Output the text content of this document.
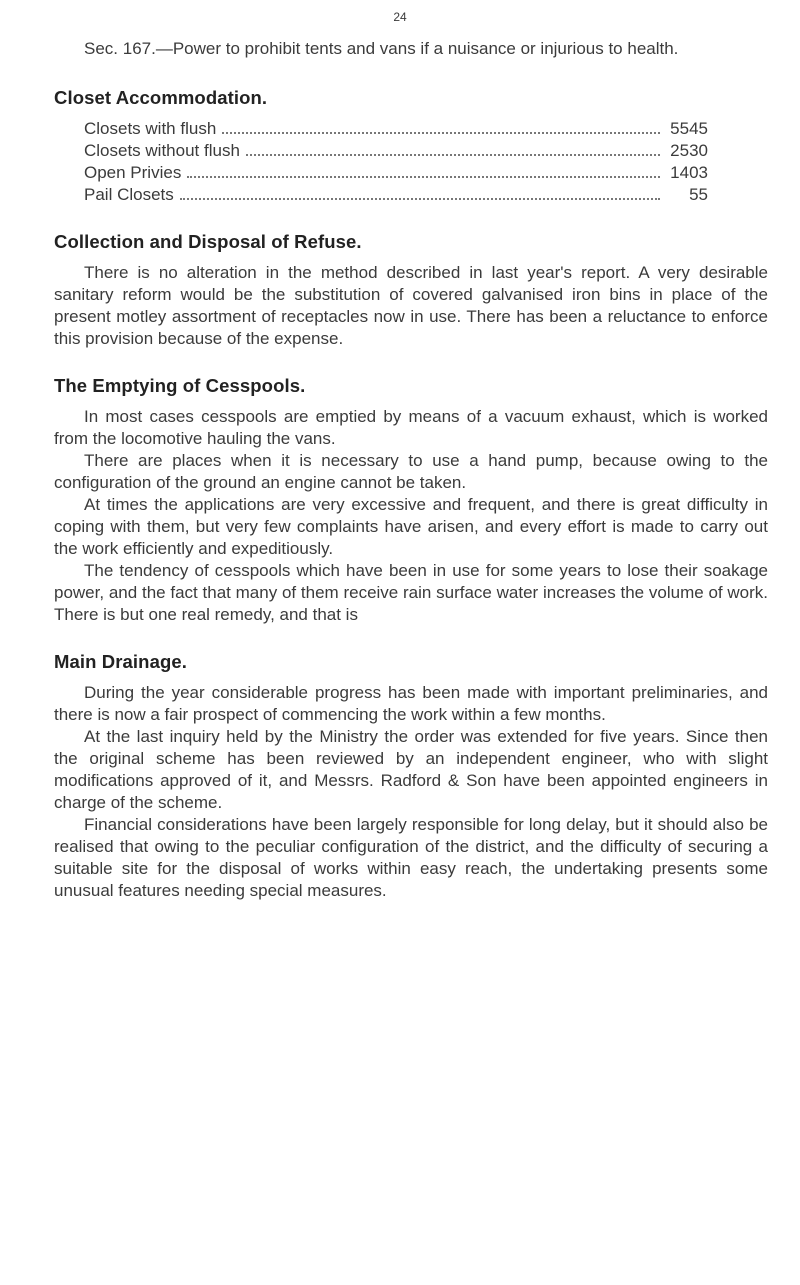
24

Sec. 167.—Power to prohibit tents and vans if a nuisance or injurious to health.

Closet Accommodation.
Closets with flush	5545
Closets without flush	2530
Open Privies	1403
Pail Closets	55
Collection and Disposal of Refuse.

There is no alteration in the method described in last year's report. A very desirable sanitary reform would be the substitution of covered galvanised iron bins in place of the present motley assortment of receptacles now in use. There has been a reluctance to enforce this provision because of the expense.

The Emptying of Cesspools.

In most cases cesspools are emptied by means of a vacuum exhaust, which is worked from the locomotive hauling the vans.

There are places when it is necessary to use a hand pump, because owing to the configuration of the ground an engine cannot be taken.

At times the applications are very excessive and frequent, and there is great difficulty in coping with them, but very few complaints have arisen, and every effort is made to carry out the work efficiently and expeditiously.

The tendency of cesspools which have been in use for some years to lose their soakage power, and the fact that many of them receive rain surface water increases the volume of work. There is but one real remedy, and that is

Main Drainage.

During the year considerable progress has been made with important preliminaries, and there is now a fair prospect of commencing the work within a few months.

At the last inquiry held by the Ministry the order was extended for five years. Since then the original scheme has been reviewed by an independent engineer, who with slight modifications approved of it, and Messrs. Radford & Son have been appointed engineers in charge of the scheme.

Financial considerations have been largely responsible for long delay, but it should also be realised that owing to the peculiar configuration of the district, and the difficulty of securing a suitable site for the disposal of works within easy reach, the undertaking presents some unusual features needing special measures.
